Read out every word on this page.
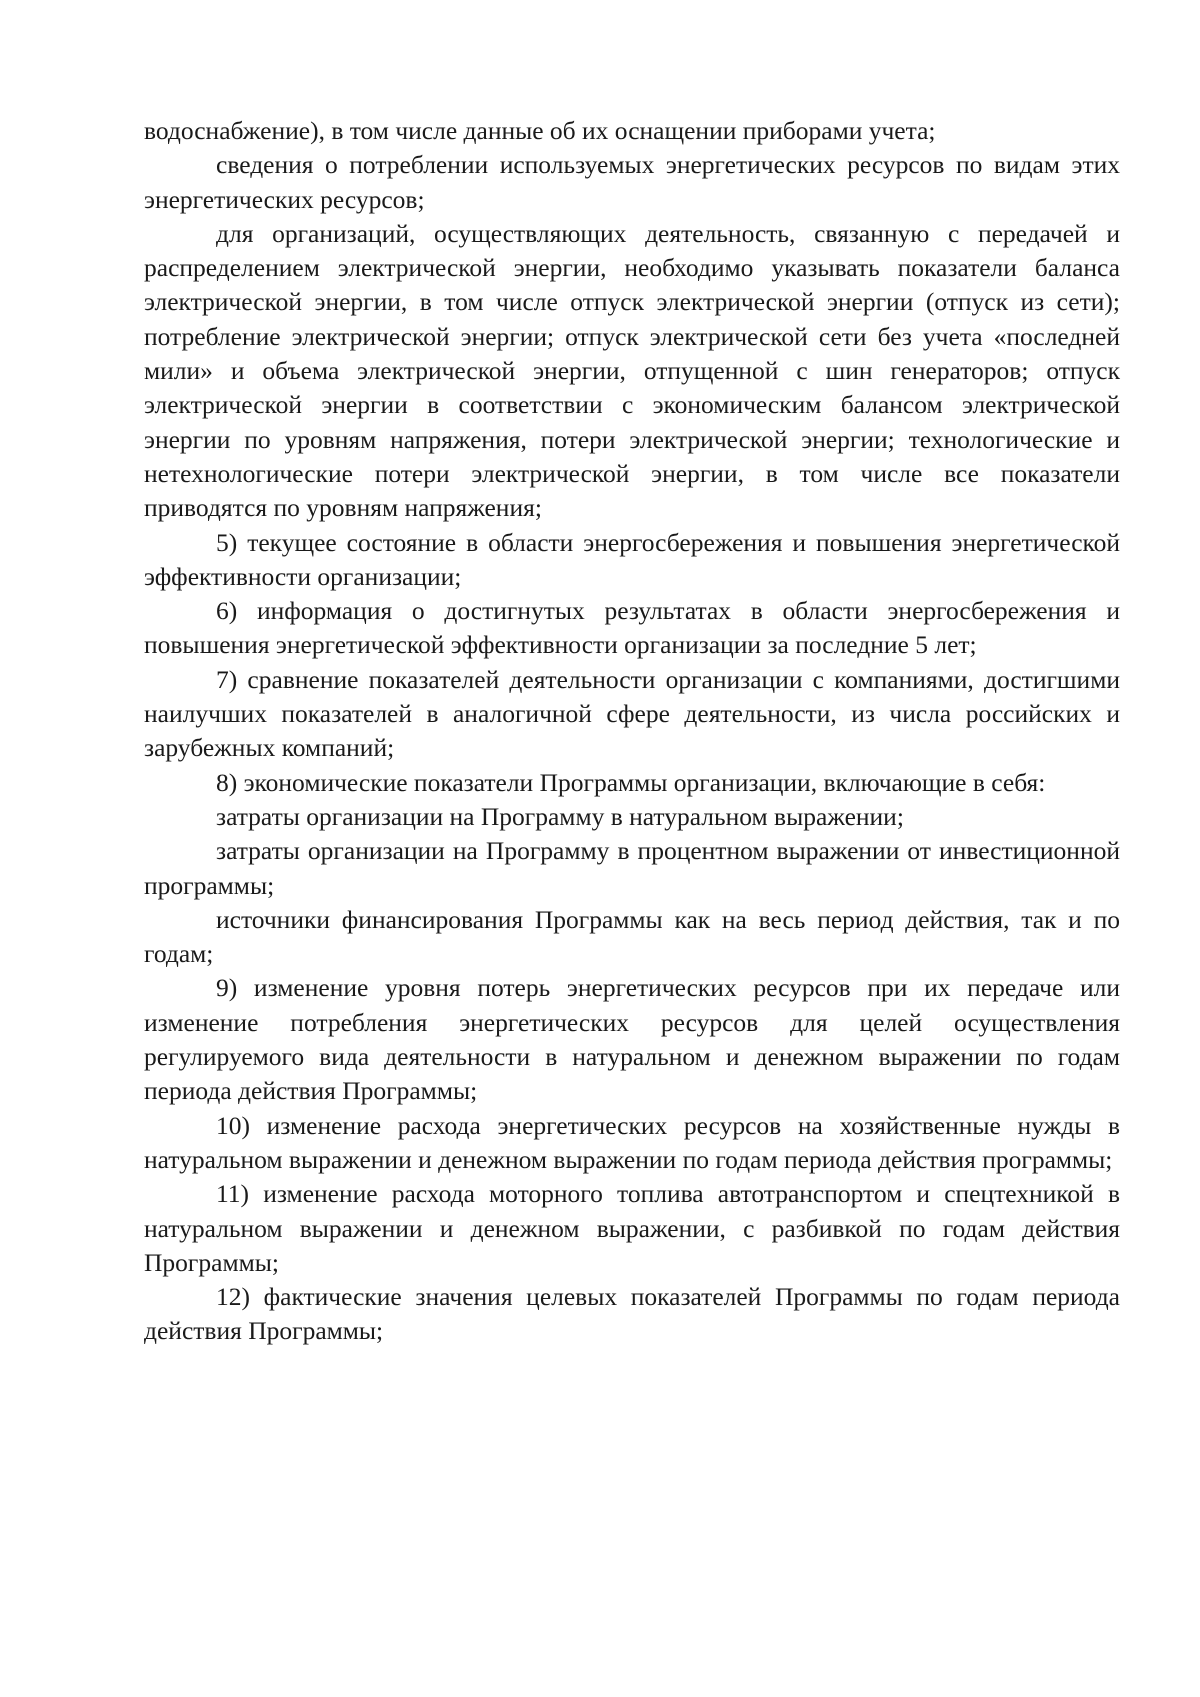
водоснабжение), в том числе данные об их оснащении приборами учета;

сведения о потреблении используемых энергетических ресурсов по видам этих энергетических ресурсов;

для организаций, осуществляющих деятельность, связанную с передачей и распределением электрической энергии, необходимо указывать показатели баланса электрической энергии, в том числе отпуск электрической энергии (отпуск из сети); потребление электрической энергии; отпуск электрической сети без учета «последней мили» и объема электрической энергии, отпущенной с шин генераторов; отпуск электрической энергии в соответствии с экономическим балансом электрической энергии по уровням напряжения, потери электрической энергии; технологические и нетехнологические потери электрической энергии, в том числе все показатели приводятся по уровням напряжения;

5) текущее состояние в области энергосбережения и повышения энергетической эффективности организации;

6) информация о достигнутых результатах в области энергосбережения и повышения энергетической эффективности организации за последние 5 лет;

7) сравнение показателей деятельности организации с компаниями, достигшими наилучших показателей в аналогичной сфере деятельности, из числа российских и зарубежных компаний;

8) экономические показатели Программы организации, включающие в себя:

затраты организации на Программу в натуральном выражении;

затраты организации на Программу в процентном выражении от инвестиционной программы;

источники финансирования Программы как на весь период действия, так и по годам;

9) изменение уровня потерь энергетических ресурсов при их передаче или изменение потребления энергетических ресурсов для целей осуществления регулируемого вида деятельности в натуральном и денежном выражении по годам периода действия Программы;

10) изменение расхода энергетических ресурсов на хозяйственные нужды в натуральном выражении и денежном выражении по годам периода действия программы;

11) изменение расхода моторного топлива автотранспортом и спецтехникой в натуральном выражении и денежном выражении, с разбивкой по годам действия Программы;

12) фактические значения целевых показателей Программы по годам периода действия Программы;
